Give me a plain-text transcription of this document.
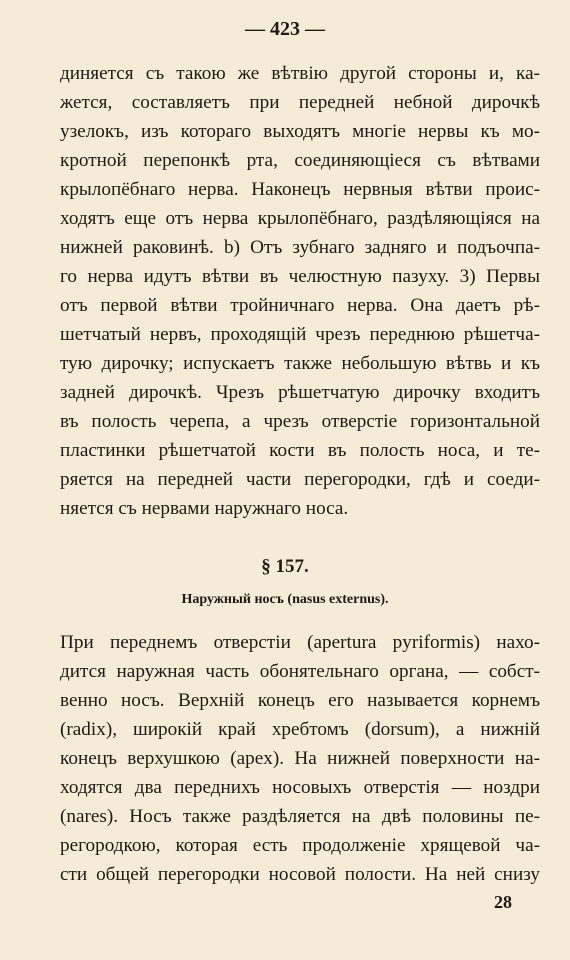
— 423 —
диняется съ такою же вѣтвiю другой стороны и, ка-
жется, составляетъ при передней небной дирочкѣ
узелокъ, изъ котораго выходятъ многiе нервы къ мо-
кротной перепонкѣ рта, соединяющiеся съ вѣтвами
крылопёбнаго нерва. Наконецъ нервныя вѣтви проис-
ходятъ еще отъ нерва крылопёбнаго, раздѣляющiяся на
нижней раковинѣ. b) Отъ зубнаго задняго и подъочпа-
го нерва идутъ вѣтви въ челюстную пазуху. 3) Первы
отъ первой вѣтви тройничнаго нерва. Она даетъ рѣ-
шетчатый нервъ, проходящiй чрезъ переднюю рѣшетча-
тую дирочку; испускаетъ также небольшую вѣтвь и къ
задней дирочкѣ. Чрезъ рѣшетчатую дирочку входитъ
въ полость черепа, а чрезъ отверстiе горизонтальной
пластинки рѣшетчатой кости въ полость носа, и те-
ряется на передней части перегородки, гдѣ и соеди-
няется съ нервами наружнаго носа.
§ 157.
Наружный носъ (nasus externus).
При переднемъ отверстiи (apertura pyriformis) нахо-
дится наружная часть обонятельнаго органа, — собст-
венно носъ. Верхнiй конецъ его называется корнемъ
(radix), широкiй край хребтомъ (dorsum), а нижнiй
конецъ верхушкою (apex). На нижней поверхности на-
ходятся два переднихъ носовыхъ отверстiя — ноздри
(nares). Носъ также раздѣляется на двѣ половины пе-
регородкою, которая есть продолженiе хрящевой ча-
сти общей перегородки носовой полости. На ней снизу
28
